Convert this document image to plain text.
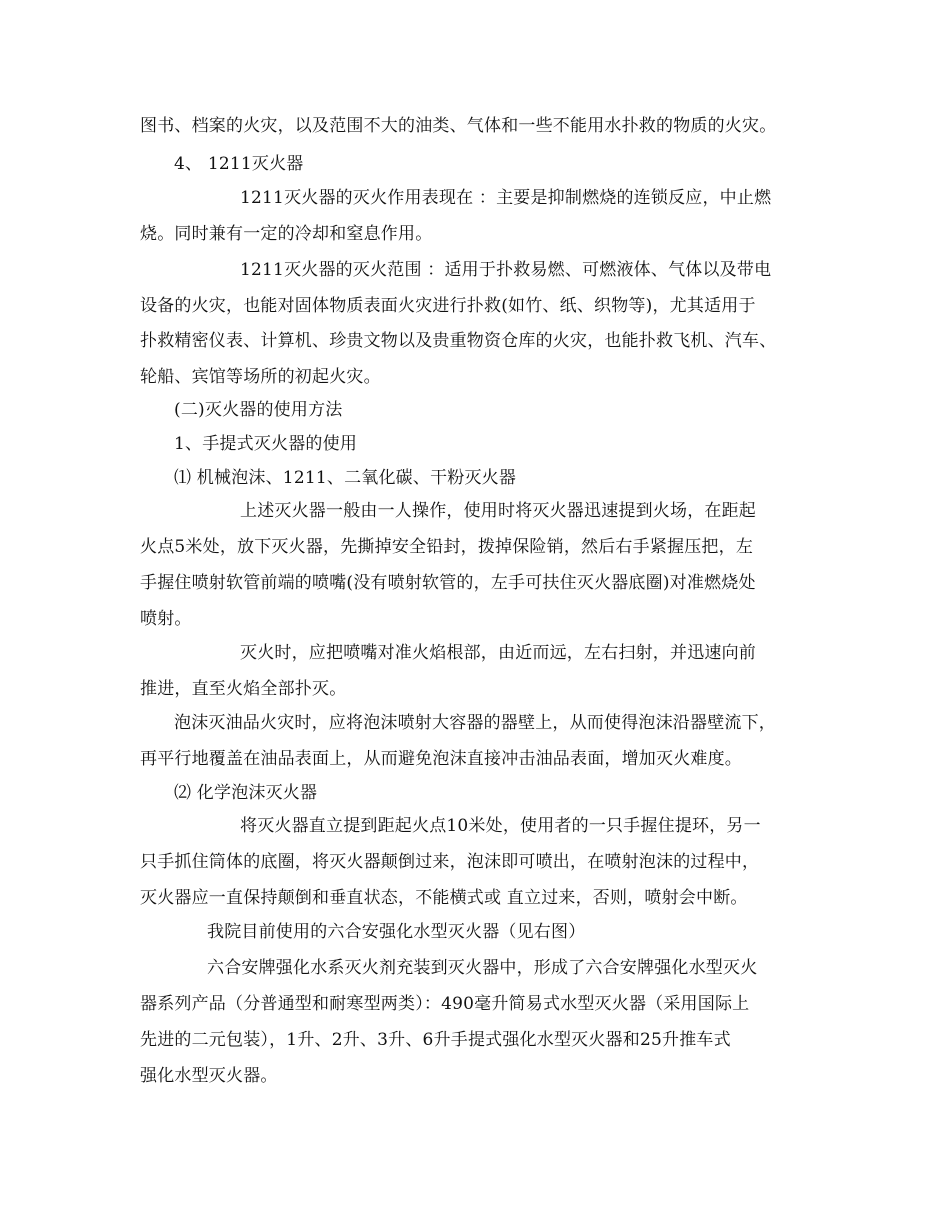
图书、档案的火灾，以及范围不大的油类、气体和一些不能用水扑救的物质的火灾。
4、 1211灭火器
1211灭火器的灭火作用表现在 ：主要是抑制燃烧的连锁反应，中止燃
烧。同时兼有一定的冷却和窒息作用。
1211灭火器的灭火范围 ：适用于扑救易燃、可燃液体、气体以及带电
设备的火灾，也能对固体物质表面火灾进行扑救(如竹、纸、织物等)，尤其适用于
扑救精密仪表、计算机、珍贵文物以及贵重物资仓库的火灾，也能扑救飞机、汽车、
轮船、宾馆等场所的初起火灾。
(二)灭火器的使用方法
1、手提式灭火器的使用
⑴ 机械泡沫、1211、二氧化碳、干粉灭火器
上述灭火器一般由一人操作，使用时将灭火器迅速提到火场，在距起
火点5米处，放下灭火器，先撕掉安全铅封，拨掉保险销，然后右手紧握压把，左
手握住喷射软管前端的喷嘴(没有喷射软管的，左手可扶住灭火器底圈)对准燃烧处
喷射。
灭火时，应把喷嘴对准火焰根部，由近而远，左右扫射，并迅速向前
推进，直至火焰全部扑灭。
泡沫灭油品火灾时，应将泡沫喷射大容器的器壁上，从而使得泡沫沿器壁流下，
再平行地覆盖在油品表面上，从而避免泡沫直接冲击油品表面，增加灭火难度。
⑵ 化学泡沫灭火器
将灭火器直立提到距起火点10米处，使用者的一只手握住提环，另一
只手抓住筒体的底圈，将灭火器颠倒过来，泡沫即可喷出，在喷射泡沫的过程中，
灭火器应一直保持颠倒和垂直状态，不能横式或 直立过来，否则，喷射会中断。
我院目前使用的六合安强化水型灭火器（见右图）
六合安牌强化水系灭火剂充装到灭火器中，形成了六合安牌强化水型灭火
器系列产品（分普通型和耐寒型两类）：490毫升简易式水型灭火器（采用国际上
先进的二元包装），1升、2升、3升、6升手提式强化水型灭火器和25升推车式
强化水型灭火器。
